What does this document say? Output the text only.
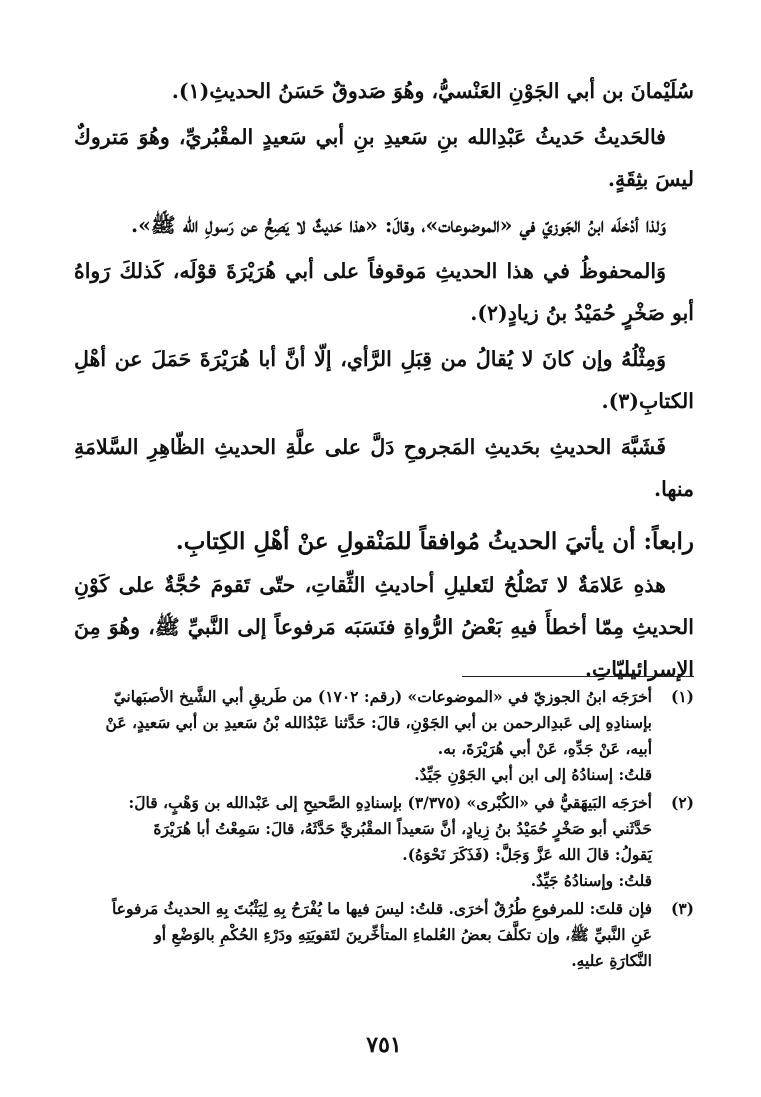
سُلَيْمانَ بن أبي الجَوْنِ العَنْسيُّ، وهُوَ صَدوقٌ حَسَنُ الحديثِ(١).

فالحَديثُ حَديثُ عَبْدِالله بنِ سَعيدِ بنِ أبي سَعيدٍ المقْبُريِّ، وهُوَ مَتروكٌ ليسَ بثِقَةٍ.

وَلذا أدْخلَه ابنُ الجَوزيّ في «الموضوعات»، وقالَ: «هذا حَديثٌ لا يَصِحُّ عن رَسولِ الله ﷺ».

وَالمحفوظُ في هذا الحديثِ مَوقوفاً على أبي هُرَيْرَةَ قوْلَه، كَذلكَ رَواهُ أبو صَخْرٍ حُمَيْدُ بنُ زيادٍ(٢).

وَمِثْلُهُ وإن كانَ لا يُقالُ من قِبَلِ الرَّأي، إلّا أنَّ أبا هُرَيْرَةَ حَمَلَ عن أهْلِ الكتابِ(٣).

فَشَبَّهَ الحديثِ بحَديثِ المَجروحِ دَلَّ على علَّةِ الحديثِ الظّاهِرِ السَّلامَةِ منها.

رابعاً: أن يأتيَ الحديثُ مُوافقاً للمَنْقولِ عنْ أهْلِ الكِتابِ.

هذهِ عَلامَةٌ لا تَصْلُحُ لتَعليلِ أحاديثِ الثِّقاتِ، حتّى تَقومَ حُجَّةٌ على كَوْنِ الحديثِ مِمّا أخطأَ فيهِ بَعْضُ الرُّواةِ فنَسَبَه مَرفوعاً إلى النَّبيِّ ﷺ، وهُوَ مِنَ الإسرائيليّاتِ.

(١)
أخرَجَه ابنُ الجوزيّ في «الموضوعات» (رقم: ١٧٠٢) من طَريقِ أبي الشَّيخ الأصبَهانيّ
بإسنادِهِ إلى عَبدِالرحمن بن أبي الجَوْنِ، قالَ: حَدَّثنا عَبْدُالله بْنُ سَعيدِ بن أبي سَعيدٍ، عَنْ
أبيه، عَنْ جَدِّهِ، عَنْ أبي هُرَيْرَةَ، به.
قلتُ: إسنادُهُ إلى ابن أبي الجَوْنِ جَيِّدٌ.
(٢)
أخرَجَه البَيهَقيُّ في «الكُبْرى» (٣/٣٧٥) بإسنادِهِ الصَّحيحِ إلى عَبْدالله بن وَهْبٍ، قالَ:
حَدَّثَني أبو صَخْرٍ حُمَيْدُ بنُ زِيادٍ، أنَّ سَعيداً المقْبُريَّ حَدَّثَهُ، قالَ: سَمِعْتُ أبا هُرَيْرَةَ
يَقولُ: قالَ الله عَزَّ وَجَلَّ: (فَذَكَرَ نَحْوَهُ).
قلتُ: وإسنادُهُ جَيِّدٌ.
(٣)
فإن قلتَ: للمرفوعِ طُرُقٌ أخرَى. قلتُ: ليسَ فيها ما يُفْرَحُ بِهِ لِيَثْبُتَ بِهِ الحديثُ مَرفوعاً
عَنِ النَّبيِّ ﷺ، وإن تكلَّفَ بعضُ العُلماءِ المتأخِّرينَ لتَقويَتِهِ ودَرْءِ الحُكْمِ بالوَضْعِ أو
النَّكارَةِ عليهِ.
٧٥١
